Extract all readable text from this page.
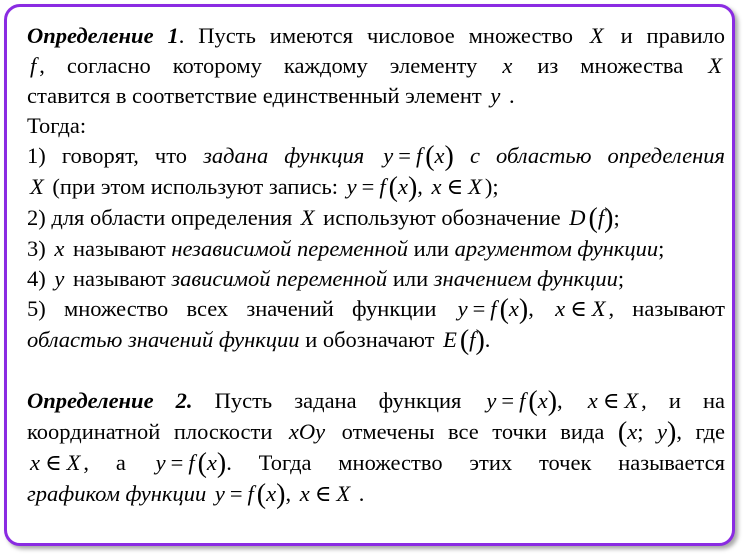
Определение 1. Пусть имеются числовое множество X и правило

f , согласно которому каждому элементу x из множества X

ставится в соответствие единственный элемент y .

Тогда:

1) говорят, что задана функция y = f (x) с областью определения

X (при этом используют запись: y = f (x), x ∈ X );

2) для области определения X используют обозначение D (f);

3) x называют независимой переменной или аргументом функции;

4) y называют зависимой переменной или значением функции;

5) множество всех значений функции y = f (x), x ∈ X , называют

областью значений функции и обозначают E (f).

Определение 2. Пусть задана функция y = f (x), x ∈ X , и на

координатной плоскости xOy отмечены все точки вида (x; y), где

x ∈ X , а y = f (x). Тогда множество этих точек называется

графиком функции y = f (x), x ∈ X .
